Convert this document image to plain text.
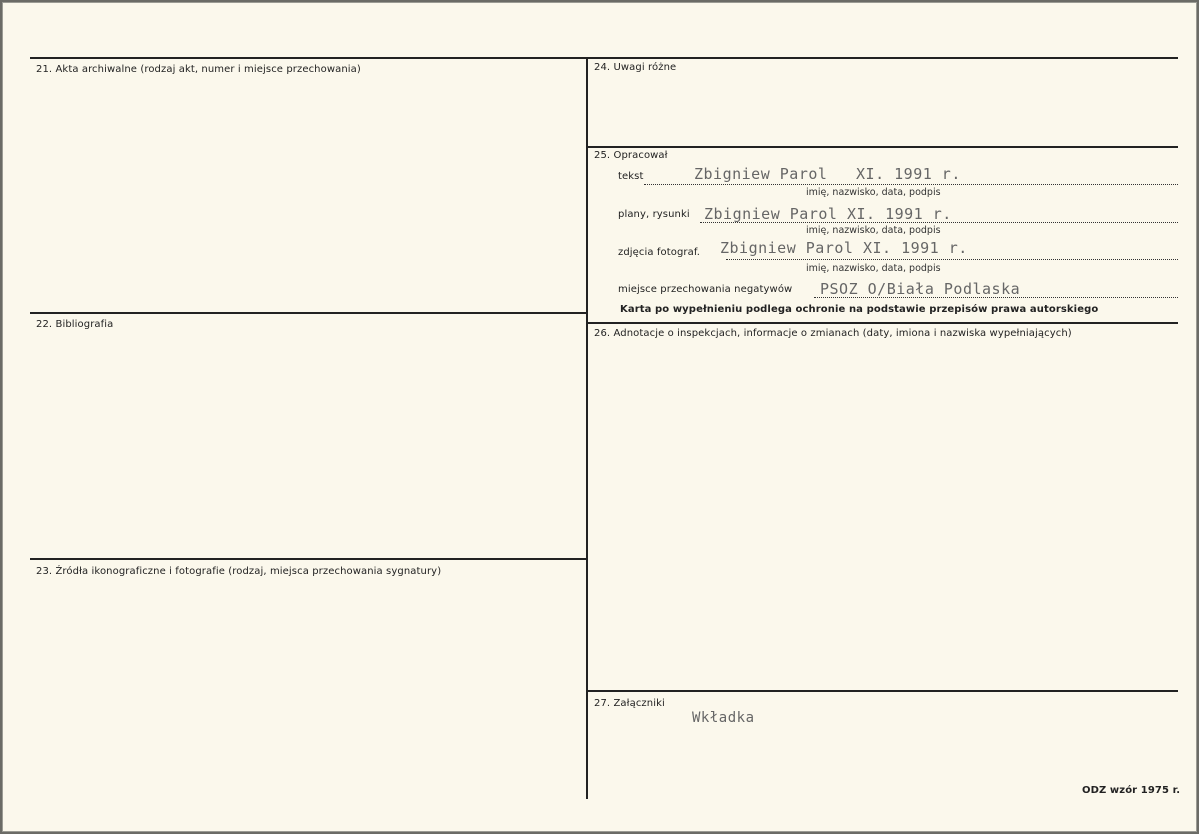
21. Akta archiwalne (rodzaj akt, numer i miejsce przechowania)
22. Bibliografia
23. Źródła ikonograficzne i fotografie (rodzaj, miejsca przechowania sygnatury)
24. Uwagi różne
25. Opracował
tekst	Zbigniew Parol   XI. 1991 r.
imię, nazwisko, data, podpis
plany, rysunki Zbigniew Parol XI. 1991 r.
imię, nazwisko, data, podpis
zdjęcia fotograf. Zbigniew Parol XI. 1991 r.
imię, nazwisko, data, podpis
miejsce przechowania negatywów PSOZ O/Biała Podlaska
Karta po wypełnieniu podlega ochronie na podstawie przepisów prawa autorskiego
26. Adnotacje o inspekcjach, informacje o zmianach (daty, imiona i nazwiska wypełniających)
27. Załączniki
Wkładka
ODZ wzór 1975 r.
